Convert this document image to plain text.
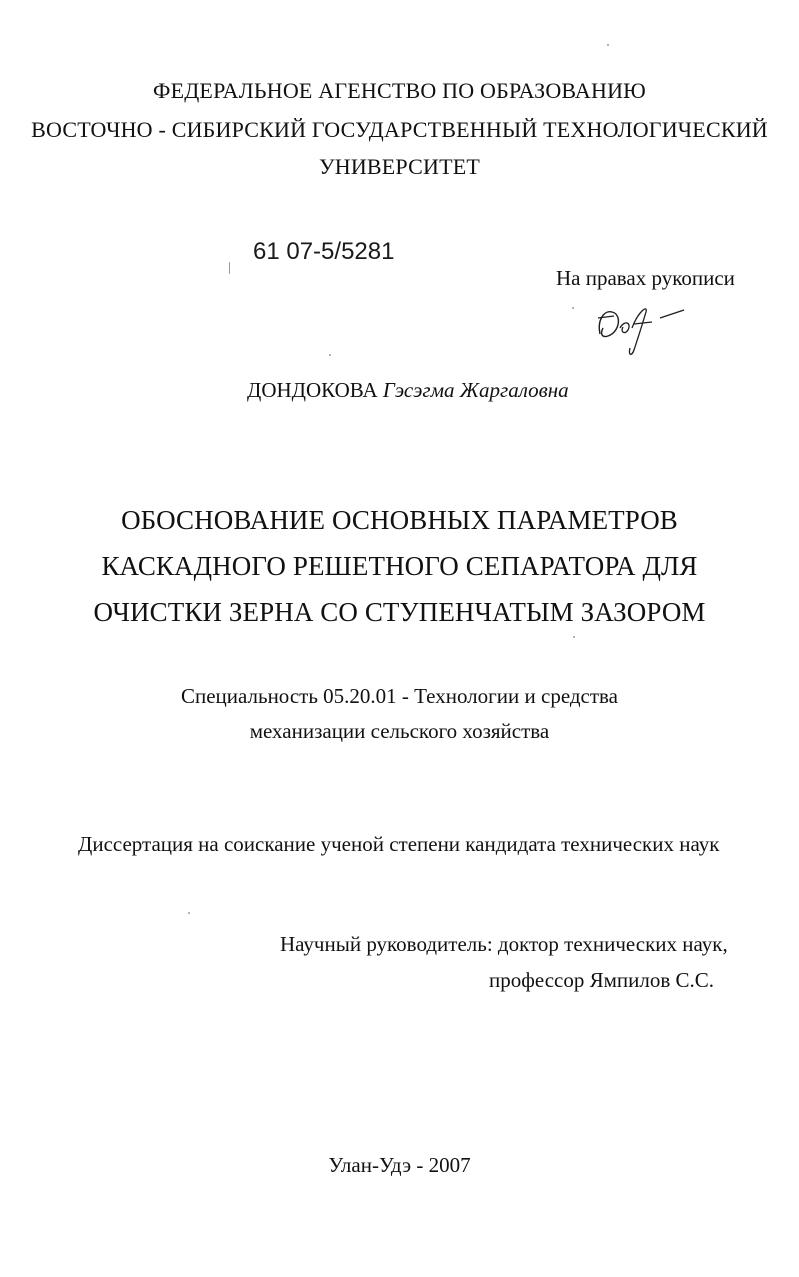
ФЕДЕРАЛЬНОЕ АГЕНСТВО ПО ОБРАЗОВАНИЮ
ВОСТОЧНО - СИБИРСКИЙ ГОСУДАРСТВЕННЫЙ ТЕХНОЛОГИЧЕСКИЙ
УНИВЕРСИТЕТ
61 07-5/5281
На правах рукописи
ДОНДОКОВА Гэсэгма Жаргаловна
ОБОСНОВАНИЕ ОСНОВНЫХ ПАРАМЕТРОВ
КАСКАДНОГО РЕШЕТНОГО СЕПАРАТОРА ДЛЯ
ОЧИСТКИ ЗЕРНА СО СТУПЕНЧАТЫМ ЗАЗОРОМ
Специальность 05.20.01 - Технологии и средства
механизации сельского хозяйства
Диссертация на соискание ученой степени кандидата технических наук
Научный руководитель: доктор технических наук,
профессор Ямпилов С.С.
Улан-Удэ - 2007
